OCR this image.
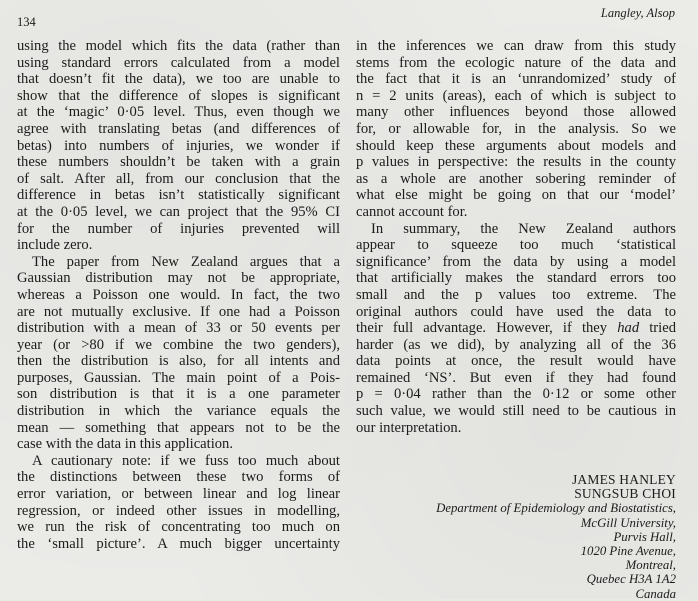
134
Langley, Alsop
using the model which fits the data (rather than
using standard errors calculated from a model
that doesn’t fit the data), we too are unable to
show that the difference of slopes is significant
at the ‘magic’ 0·05 level. Thus, even though we
agree with translating betas (and differences of
betas) into numbers of injuries, we wonder if
these numbers shouldn’t be taken with a grain
of salt. After all, from our conclusion that the
difference in betas isn’t statistically significant
at the 0·05 level, we can project that the 95% CI
for the number of injuries prevented will
include zero.
The paper from New Zealand argues that a
Gaussian distribution may not be appropriate,
whereas a Poisson one would. In fact, the two
are not mutually exclusive. If one had a Poisson
distribution with a mean of 33 or 50 events per
year (or >80 if we combine the two genders),
then the distribution is also, for all intents and
purposes, Gaussian. The main point of a Pois-
son distribution is that it is a one parameter
distribution in which the variance equals the
mean — something that appears not to be the
case with the data in this application.
A cautionary note: if we fuss too much about
the distinctions between these two forms of
error variation, or between linear and log linear
regression, or indeed other issues in modelling,
we run the risk of concentrating too much on
the ‘small picture’. A much bigger uncertainty
in the inferences we can draw from this study
stems from the ecologic nature of the data and
the fact that it is an ‘unrandomized’ study of
n = 2 units (areas), each of which is subject to
many other influences beyond those allowed
for, or allowable for, in the analysis. So we
should keep these arguments about models and
p values in perspective: the results in the county
as a whole are another sobering reminder of
what else might be going on that our ‘model’
cannot account for.
In summary, the New Zealand authors
appear to squeeze too much ‘statistical
significance’ from the data by using a model
that artificially makes the standard errors too
small and the p values too extreme. The
original authors could have used the data to
their full advantage. However, if they had tried
harder (as we did), by analyzing all of the 36
data points at once, the result would have
remained ‘NS’. But even if they had found
p = 0·04 rather than the 0·12 or some other
such value, we would still need to be cautious in
our interpretation.
JAMES HANLEY
SUNGSUB CHOI
Department of Epidemiology and Biostatistics,
McGill University,
Purvis Hall,
1020 Pine Avenue,
Montreal,
Quebec H3A 1A2
Canada
